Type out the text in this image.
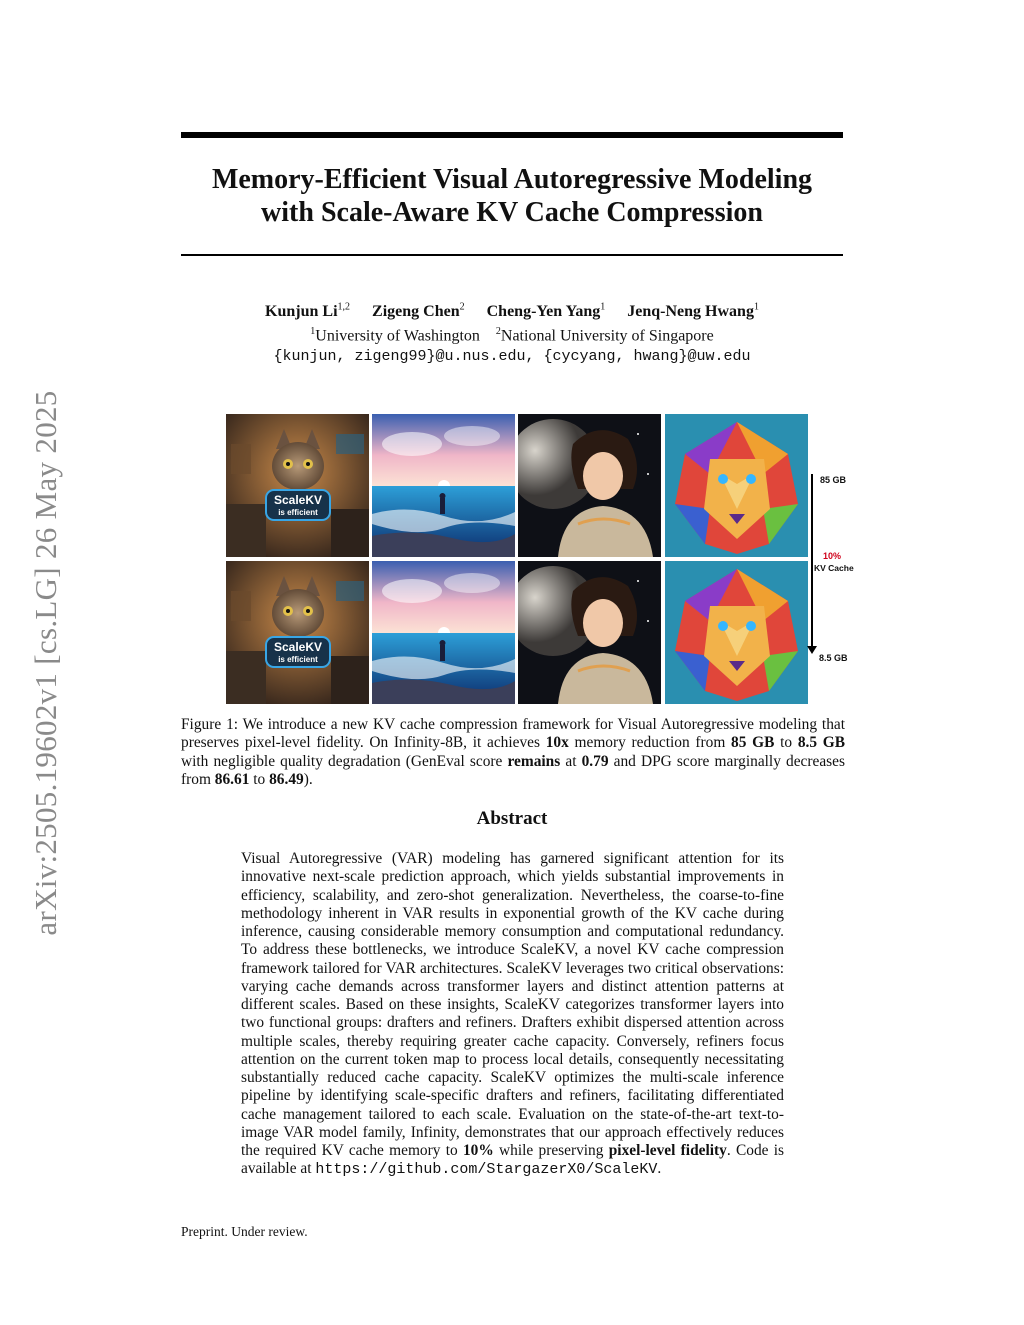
arXiv:2505.19602v1 [cs.LG] 26 May 2025
Memory-Efficient Visual Autoregressive Modeling
with Scale-Aware KV Cache Compression
Kunjun Li$^{1,2}$ Zigeng Chen$^2$ Cheng-Yen Yang$^1$ Jenq-Neng Hwang$^1$
$^1$University of Washington $^2$National University of Singapore
{kunjun, zigeng99}@u.nus.edu, {cycyang, hwang}@uw.edu
ScaleKV
is efficient
ScaleKV
is efficient
85 GB
10%
KV Cache
8.5 GB
Figure 1: We introduce a new KV cache compression framework for Visual Autoregressive modeling that preserves pixel-level fidelity. On Infinity-8B, it achieves 10x memory reduction from 85 GB to 8.5 GB with negligible quality degradation (GenEval score remains at 0.79 and DPG score marginally decreases from 86.61 to 86.49).
Abstract
Visual Autoregressive (VAR) modeling has garnered significant attention for its innovative next-scale prediction approach, which yields substantial improvements in efficiency, scalability, and zero-shot generalization. Nevertheless, the coarse-to-fine methodology inherent in VAR results in exponential growth of the KV cache during inference, causing considerable memory consumption and computational redundancy. To address these bottlenecks, we introduce ScaleKV, a novel KV cache compression framework tailored for VAR architectures. ScaleKV leverages two critical observations: varying cache demands across transformer layers and distinct attention patterns at different scales. Based on these insights, ScaleKV categorizes transformer layers into two functional groups: drafters and refiners. Drafters exhibit dispersed attention across multiple scales, thereby requiring greater cache capacity. Conversely, refiners focus attention on the current token map to process local details, consequently necessitating substantially reduced cache capacity. ScaleKV optimizes the multi-scale inference pipeline by identifying scale-specific drafters and refiners, facilitating differentiated cache management tailored to each scale. Evaluation on the state-of-the-art text-to-image VAR model family, Infinity, demonstrates that our approach effectively reduces the required KV cache memory to 10% while preserving pixel-level fidelity. Code is available at https://github.com/StargazerX0/ScaleKV.
Preprint. Under review.
